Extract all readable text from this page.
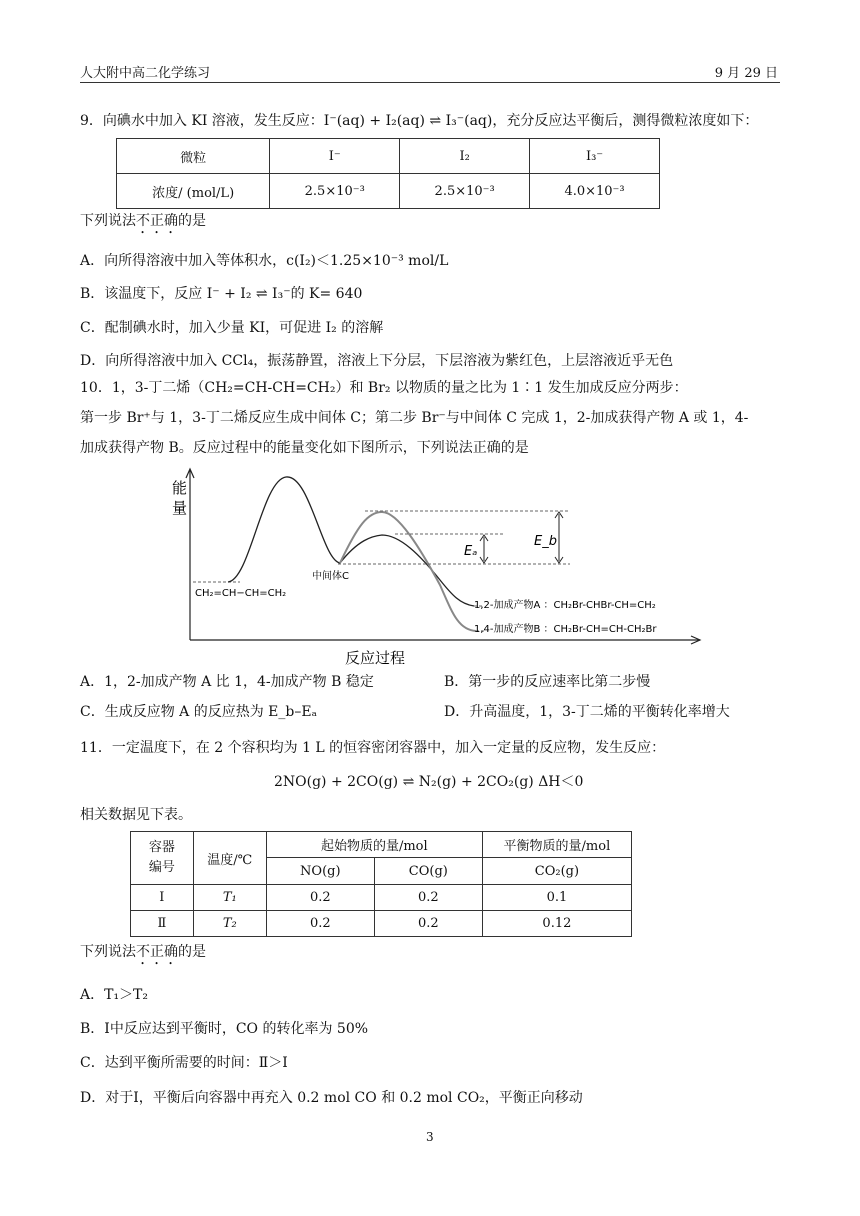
人大附中高二化学练习	9 月 29 日
9．向碘水中加入 KI 溶液，发生反应：I⁻(aq) + I₂(aq) ⇌ I₃⁻(aq)，充分反应达平衡后，测得微粒浓度如下：
微粒	I⁻	I₂	I₃⁻
浓度/ (mol/L)	2.5×10⁻³	2.5×10⁻³	4.0×10⁻³
下列说法不正确的是
A．向所得溶液中加入等体积水，c(I₂)＜1.25×10⁻³ mol/L
B．该温度下，反应 I⁻ + I₂ ⇌ I₃⁻的 K= 640
C．配制碘水时，加入少量 KI，可促进 I₂ 的溶解
D．向所得溶液中加入 CCl₄，振荡静置，溶液上下分层，下层溶液为紫红色，上层溶液近乎无色
10．1，3-丁二烯（CH₂=CH-CH=CH₂）和 Br₂ 以物质的量之比为 1∶1 发生加成反应分两步：
第一步 Br⁺与 1，3-丁二烯反应生成中间体 C；第二步 Br⁻与中间体 C 完成 1，2-加成获得产物 A 或 1，4-
加成获得产物 B。反应过程中的能量变化如下图所示，下列说法正确的是
能
量
CH₂=CH−CH=CH₂
中间体C
Eₐ
E_b
1,2-加成产物A ：CH₂Br-CHBr-CH=CH₂
1,4-加成产物B ：CH₂Br-CH=CH-CH₂Br
反应过程
A．1，2-加成产物 A 比 1，4-加成产物 B 稳定	B．第一步的反应速率比第二步慢
C．生成反应物 A 的反应热为 E_b–Eₐ	D．升高温度，1，3-丁二烯的平衡转化率增大
11．一定温度下，在 2 个容积均为 1 L 的恒容密闭容器中，加入一定量的反应物，发生反应：
2NO(g) + 2CO(g) ⇌ N₂(g) + 2CO₂(g) ΔH＜0
相关数据见下表。
容器
编号	温度/℃	起始物质的量/mol		平衡物质的量/mol
		NO(g)	CO(g)	CO₂(g)
Ⅰ	T₁	0.2	0.2	0.1
Ⅱ	T₂	0.2	0.2	0.12
下列说法不正确的是
A．T₁＞T₂
B．Ⅰ中反应达到平衡时，CO 的转化率为 50%
C．达到平衡所需要的时间：Ⅱ＞Ⅰ
D．对于Ⅰ，平衡后向容器中再充入 0.2 mol CO 和 0.2 mol CO₂，平衡正向移动
3
